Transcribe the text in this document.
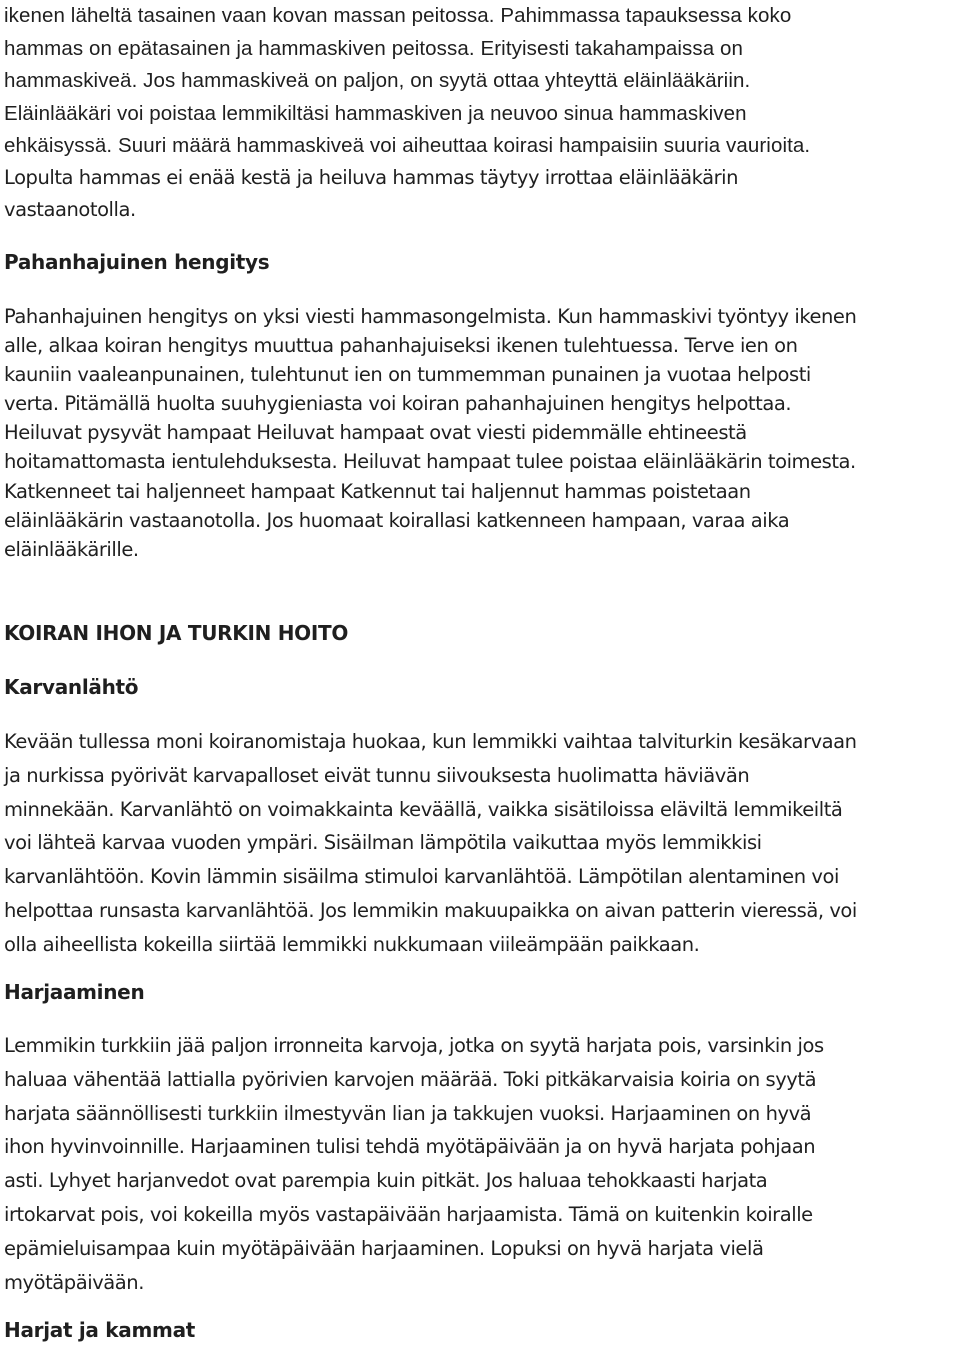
ikenen läheltä tasainen vaan kovan massan peitossa. Pahimmassa tapauksessa koko
hammas on epätasainen ja hammaskiven peitossa. Erityisesti takahampaissa on
hammaskiveä. Jos hammaskiveä on paljon, on syytä ottaa yhteyttä eläinlääkäriin.
Eläinlääkäri voi poistaa lemmikiltäsi hammaskiven ja neuvoo sinua hammaskiven
ehkäisyssä. Suuri määrä hammaskiveä voi aiheuttaa koirasi hampaisiin suuria vaurioita.

Lopulta hammas ei enää kestä ja heiluva hammas täytyy irrottaa eläinlääkärin
vastaanotolla.

Pahanhajuinen hengitys

Pahanhajuinen hengitys on yksi viesti hammasongelmista. Kun hammaskivi työntyy ikenen
alle, alkaa koiran hengitys muuttua pahanhajuiseksi ikenen tulehtuessa. Terve ien on
kauniin vaaleanpunainen, tulehtunut ien on tummemman punainen ja vuotaa helposti
verta. Pitämällä huolta suuhygieniasta voi koiran pahanhajuinen hengitys helpottaa.
Heiluvat pysyvät hampaat Heiluvat hampaat ovat viesti pidemmälle ehtineestä
hoitamattomasta ientulehduksesta. Heiluvat hampaat tulee poistaa eläinlääkärin toimesta.
Katkenneet tai haljenneet hampaat Katkennut tai haljennut hammas poistetaan
eläinlääkärin vastaanotolla. Jos huomaat koirallasi katkenneen hampaan, varaa aika
eläinlääkärille.

KOIRAN IHON JA TURKIN HOITO
Karvanlähtö

Kevään tullessa moni koiranomistaja huokaa, kun lemmikki vaihtaa talviturkin kesäkarvaan
ja nurkissa pyörivät karvapalloset eivät tunnu siivouksesta huolimatta häviävän
minnekään. Karvanlähtö on voimakkainta keväällä, vaikka sisätiloissa eläviltä lemmikeiltä
voi lähteä karvaa vuoden ympäri. Sisäilman lämpötila vaikuttaa myös lemmikkisi
karvanlähtöön. Kovin lämmin sisäilma stimuloi karvanlähtöä. Lämpötilan alentaminen voi
helpottaa runsasta karvanlähtöä. Jos lemmikin makuupaikka on aivan patterin vieressä, voi
olla aiheellista kokeilla siirtää lemmikki nukkumaan viileämpään paikkaan.

Harjaaminen

Lemmikin turkkiin jää paljon irronneita karvoja, jotka on syytä harjata pois, varsinkin jos
haluaa vähentää lattialla pyörivien karvojen määrää. Toki pitkäkarvaisia koiria on syytä
harjata säännöllisesti turkkiin ilmestyvän lian ja takkujen vuoksi. Harjaaminen on hyvä
ihon hyvinvoinnille. Harjaaminen tulisi tehdä myötäpäivään ja on hyvä harjata pohjaan
asti. Lyhyet harjanvedot ovat parempia kuin pitkät. Jos haluaa tehokkaasti harjata
irtokarvat pois, voi kokeilla myös vastapäivään harjaamista. Tämä on kuitenkin koiralle
epämieluisampaa kuin myötäpäivään harjaaminen. Lopuksi on hyvä harjata vielä
myötäpäivään.

Harjat ja kammat
